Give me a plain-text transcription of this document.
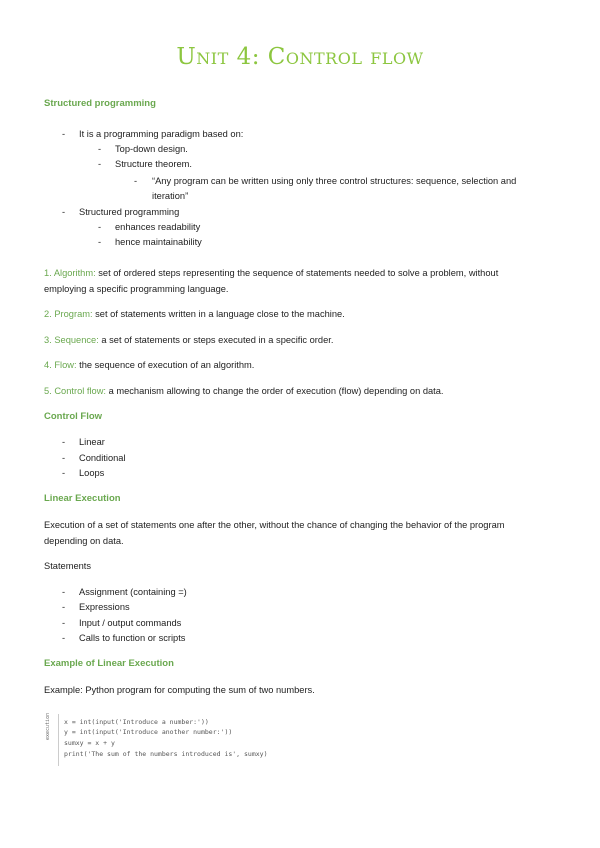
Unit 4: Control flow
Structured programming
- It is a programming paradigm based on:
- Top-down design.
- Structure theorem.
- “Any program can be written using only three control structures: sequence, selection and
iteration”
- Structured programming
- enhances readability
- hence maintainability
1. Algorithm: set of ordered steps representing the sequence of statements needed to solve a problem, without
employing a specific programming language.
2. Program: set of statements written in a language close to the machine.
3. Sequence: a set of statements or steps executed in a specific order.
4. Flow: the sequence of execution of an algorithm.
5. Control flow: a mechanism allowing to change the order of execution (flow) depending on data.
Control Flow
- Linear
- Conditional
- Loops
Linear Execution
Execution of a set of statements one after the other, without the chance of changing the behavior of the program
depending on data.
Statements
- Assignment (containing =)
- Expressions
- Input / output commands
- Calls to function or scripts
Example of Linear Execution
Example: Python program for computing the sum of two numbers.
execution x = int(input('Introduce a number:'))
y = int(input('Introduce another number:'))
sumxy = x + y
print('The sum of the numbers introduced is', sumxy)
